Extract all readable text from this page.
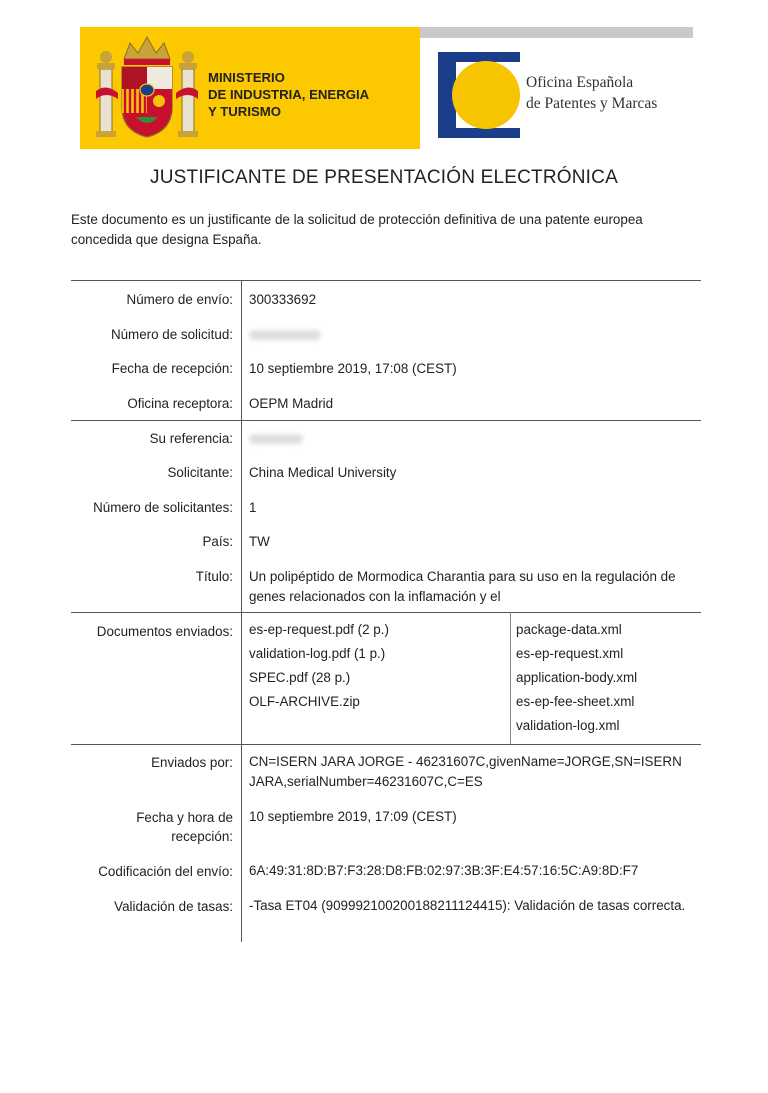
MINISTERIO
DE INDUSTRIA, ENERGIA
Y TURISMO
Oficina Española
de Patentes y Marcas
JUSTIFICANTE DE PRESENTACIÓN ELECTRÓNICA
Este documento es un justificante de la solicitud de protección definitiva de una patente europea concedida que designa España.
Número de envío: 300333692
Número de solicitud:
Fecha de recepción: 10 septiembre 2019, 17:08 (CEST)
Oficina receptora: OEPM Madrid
Su referencia:
Solicitante: China Medical University
Número de solicitantes: 1
País: TW
Título: Un polipéptido de Mormodica Charantia para su uso en la regulación de genes relacionados con la inflamación y el
Documentos enviados: es-ep-request.pdf (2 p.)
validation-log.pdf (1 p.)
SPEC.pdf (28 p.)
OLF-ARCHIVE.zip
package-data.xml
es-ep-request.xml
application-body.xml
es-ep-fee-sheet.xml
validation-log.xml
Enviados por: CN=ISERN JARA JORGE - 46231607C,givenName=JORGE,SN=ISERN JARA,serialNumber=46231607C,C=ES
Fecha y hora de
recepción:
10 septiembre 2019, 17:09 (CEST)
Codificación del envío: 6A:49:31:8D:B7:F3:28:D8:FB:02:97:3B:3F:E4:57:16:5C:A9:8D:F7
Validación de tasas: -Tasa ET04 (909992100200188211124415): Validación de tasas correcta.
